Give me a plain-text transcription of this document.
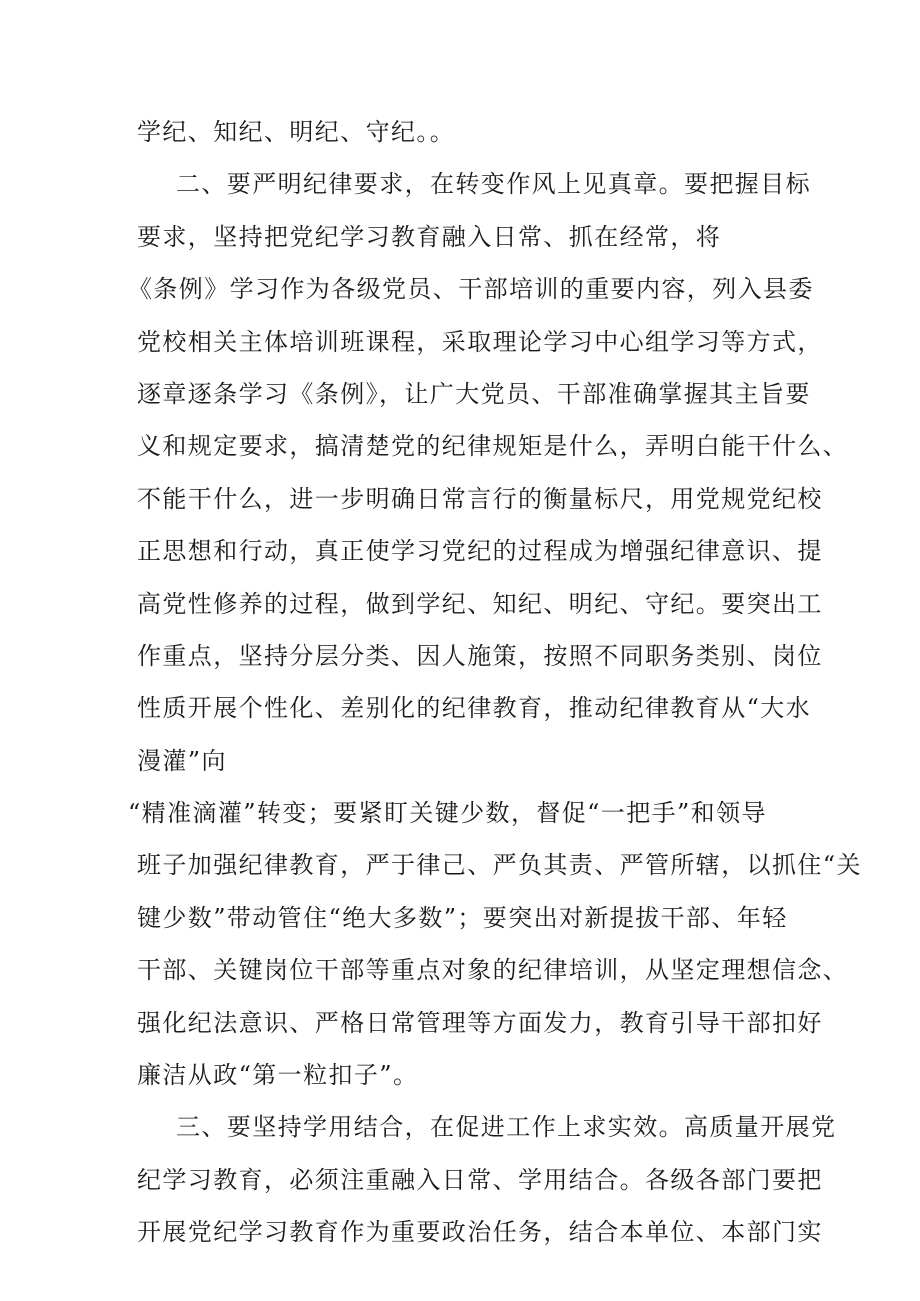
学纪、知纪、明纪、守纪。。
二、要严明纪律要求，在转变作风上见真章。要把握目标
要求，坚持把党纪学习教育融入日常、抓在经常，将
《条例》学习作为各级党员、干部培训的重要内容，列入县委
党校相关主体培训班课程，采取理论学习中心组学习等方式，
逐章逐条学习《条例》，让广大党员、干部准确掌握其主旨要
义和规定要求，搞清楚党的纪律规矩是什么，弄明白能干什么、
不能干什么，进一步明确日常言行的衡量标尺，用党规党纪校
正思想和行动，真正使学习党纪的过程成为增强纪律意识、提
高党性修养的过程，做到学纪、知纪、明纪、守纪。要突出工
作重点，坚持分层分类、因人施策，按照不同职务类别、岗位
性质开展个性化、差别化的纪律教育，推动纪律教育从“大水
漫灌”向
“精准滴灌”转变；要紧盯关键少数，督促“一把手”和领导
班子加强纪律教育，严于律己、严负其责、严管所辖，以抓住“关
键少数”带动管住“绝大多数”；要突出对新提拔干部、年轻
干部、关键岗位干部等重点对象的纪律培训，从坚定理想信念、
强化纪法意识、严格日常管理等方面发力，教育引导干部扣好
廉洁从政“第一粒扣子”。
三、要坚持学用结合，在促进工作上求实效。高质量开展党
纪学习教育，必须注重融入日常、学用结合。各级各部门要把
开展党纪学习教育作为重要政治任务，结合本单位、本部门实
